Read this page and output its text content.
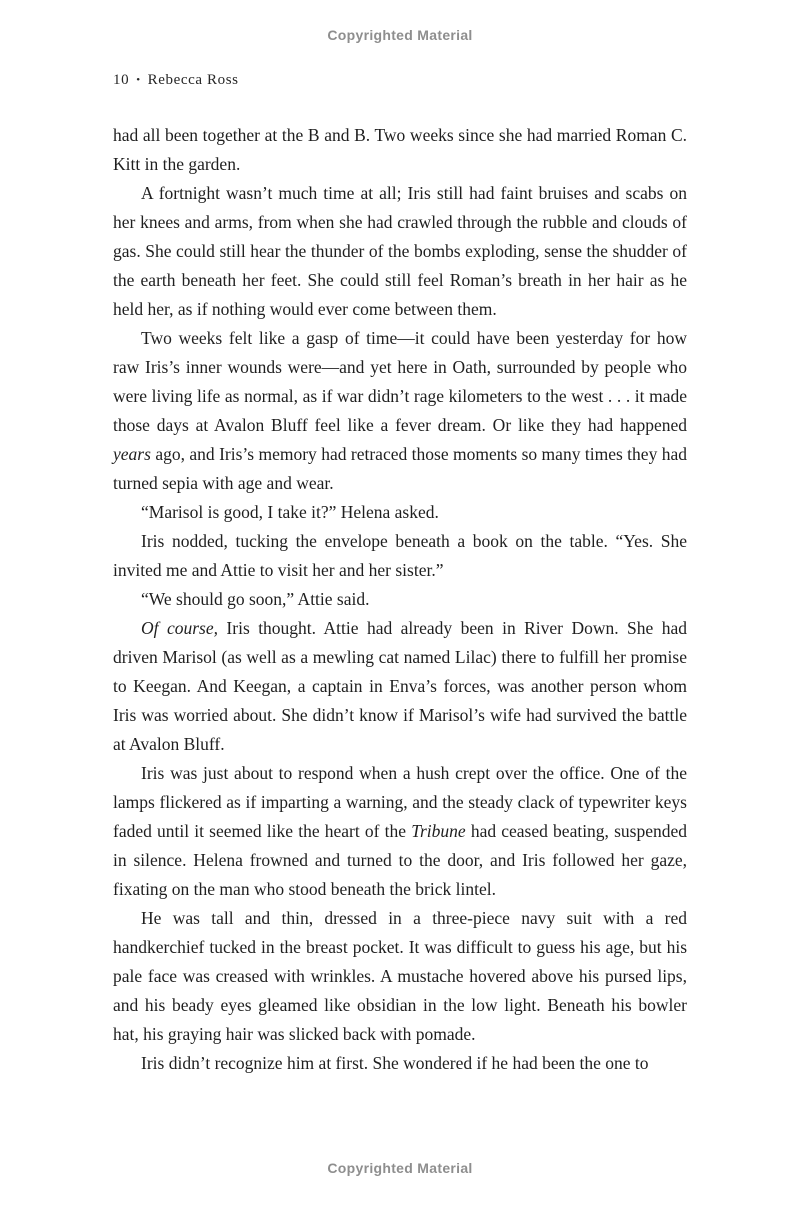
Copyrighted Material
10 • Rebecca Ross

had all been together at the B and B. Two weeks since she had married Roman C. Kitt in the garden.

A fortnight wasn’t much time at all; Iris still had faint bruises and scabs on her knees and arms, from when she had crawled through the rubble and clouds of gas. She could still hear the thunder of the bombs exploding, sense the shudder of the earth beneath her feet. She could still feel Roman’s breath in her hair as he held her, as if nothing would ever come between them.

Two weeks felt like a gasp of time—it could have been yesterday for how raw Iris’s inner wounds were—and yet here in Oath, surrounded by people who were living life as normal, as if war didn’t rage kilometers to the west . . . it made those days at Avalon Bluff feel like a fever dream. Or like they had happened years ago, and Iris’s memory had retraced those moments so many times they had turned sepia with age and wear.

“Marisol is good, I take it?” Helena asked.

Iris nodded, tucking the envelope beneath a book on the table. “Yes. She invited me and Attie to visit her and her sister.”

“We should go soon,” Attie said.

Of course, Iris thought. Attie had already been in River Down. She had driven Marisol (as well as a mewling cat named Lilac) there to fulfill her promise to Keegan. And Keegan, a captain in Enva’s forces, was another person whom Iris was worried about. She didn’t know if Marisol’s wife had survived the battle at Avalon Bluff.

Iris was just about to respond when a hush crept over the office. One of the lamps flickered as if imparting a warning, and the steady clack of typewriter keys faded until it seemed like the heart of the Tribune had ceased beating, suspended in silence. Helena frowned and turned to the door, and Iris followed her gaze, fixating on the man who stood beneath the brick lintel.

He was tall and thin, dressed in a three-piece navy suit with a red handkerchief tucked in the breast pocket. It was difficult to guess his age, but his pale face was creased with wrinkles. A mustache hovered above his pursed lips, and his beady eyes gleamed like obsidian in the low light. Beneath his bowler hat, his graying hair was slicked back with pomade.

Iris didn’t recognize him at first. She wondered if he had been the one to

Copyrighted Material
